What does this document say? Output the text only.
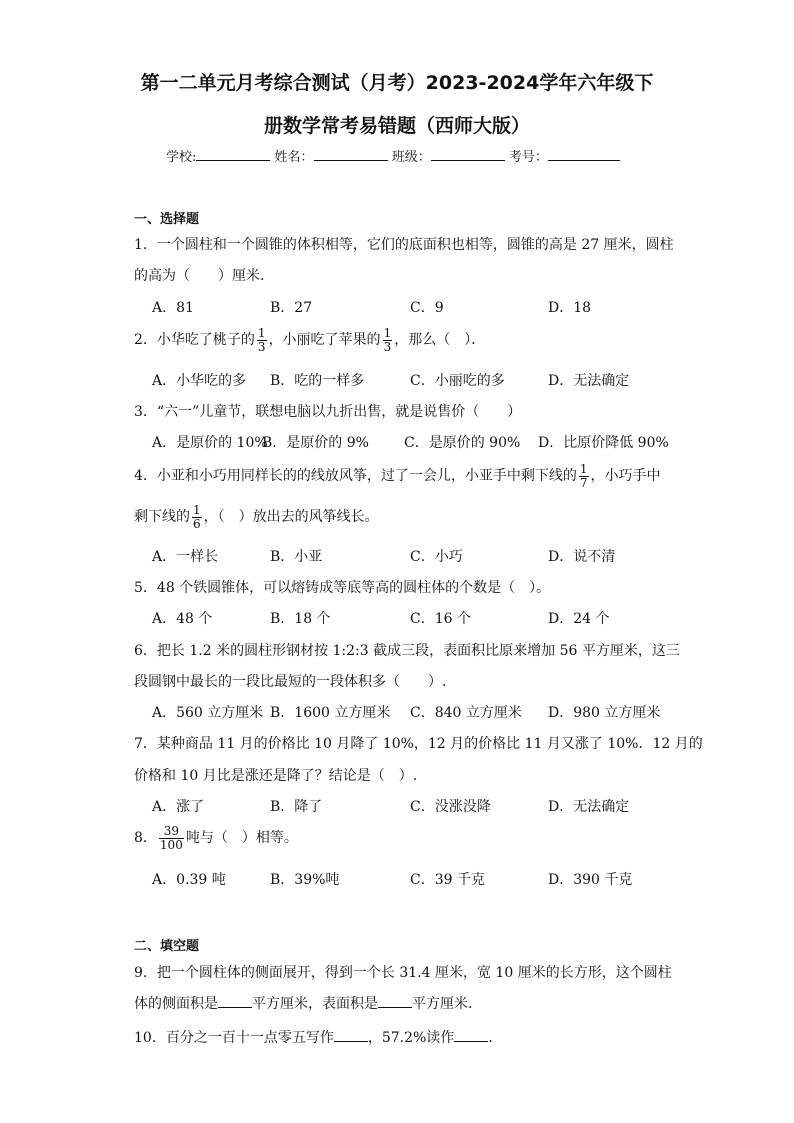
第一二单元月考综合测试（月考）2023-2024学年六年级下
册数学常考易错题（西师大版）
学校:	姓名：	班级：	考号：
一、选择题
1．一个圆柱和一个圆锥的体积相等，它们的底面积也相等，圆锥的高是 27 厘米，圆柱
的高为（　　）厘米．
A．81	B．27	C．9	D．18
2．小华吃了桃子的 $\frac{1}{3}$ ，小丽吃了苹果的 $\frac{1}{3}$ ，那么（　）．
A．小华吃的多 B．吃的一样多	C．小丽吃的多	D．无法确定
3．“六一”儿童节，联想电脑以九折出售，就是说售价（　　）
A．是原价的 10%
B．是原价的 9%	C．是原价的 90% D．比原价降低 90%
4．小亚和小巧用同样长的的线放风筝，过了一会儿，小亚手中剩下线的 $\frac{1}{7}$ ，小巧手中
剩下线的 $\frac{1}{6}$ ，（　）放出去的风筝线长。
A．一样长	B．小亚	C．小巧	D．说不清
5．48 个铁圆锥体，可以熔铸成等底等高的圆柱体的个数是（　）。
A．48 个	B．18 个	C．16 个	D．24 个
6．把长 1.2 米的圆柱形钢材按 1:2:3 截成三段，表面积比原来增加 56 平方厘米，这三
段圆钢中最长的一段比最短的一段体积多（　　）.
A．560 立方厘米 B．1600 立方厘米 C．840 立方厘米 D．980 立方厘米
7．某种商品 11 月的价格比 10 月降了 10%，12 月的价格比 11 月又涨了 10%．12 月的
价格和 10 月比是涨还是降了？结论是（　）.
A．涨了	B．降了	C．没涨没降	D．无法确定
8． $\frac{39}{100}$ 吨与（　）相等。
A．0.39 吨	B．39%吨	C．39 千克	D．390 千克
二、填空题
9．把一个圆柱体的侧面展开，得到一个长 31.4 厘米，宽 10 厘米的长方形，这个圆柱
体的侧面积是 平方厘米，表面积是 平方厘米．
10．百分之一百十一点零五写作 ，57.2%读作 ．
